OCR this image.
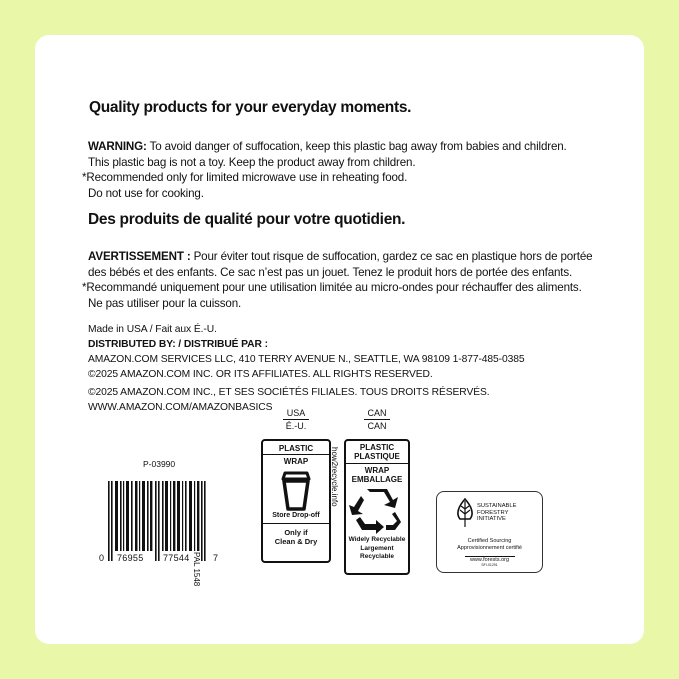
Quality products for your everyday moments.
WARNING: To avoid danger of suffocation, keep this plastic bag away from babies and children.
This plastic bag is not a toy. Keep the product away from children.
*Recommended only for limited microwave use in reheating food.
Do not use for cooking.
Des produits de qualité pour votre quotidien.
AVERTISSEMENT : Pour éviter tout risque de suffocation, gardez ce sac en plastique hors de portée
des bébés et des enfants. Ce sac n’est pas un jouet. Tenez le produit hors de portée des enfants.
*Recommandé uniquement pour une utilisation limitée au micro-ondes pour réchauffer des aliments.
Ne pas utiliser pour la cuisson.
Made in USA / Fait aux É.-U.
DISTRIBUTED BY: / DISTRIBUÉ PAR :
AMAZON.COM SERVICES LLC, 410 TERRY AVENUE N., SEATTLE, WA 98109 1-877-485-0385
©2025 AMAZON.COM INC. OR ITS AFFILIATES. ALL RIGHTS RESERVED.
©2025 AMAZON.COM INC., ET SES SOCIÉTÉS FILIALES. TOUS DROITS RÉSERVÉS.
WWW.AMAZON.COM/AMAZONBASICS
P-03990
0 76955 77544	7
PAL 1548
USA
É.-U.
PLASTIC
WRAP
Store Drop-off
Only if
Clean & Dry
how2recycle.info
CAN
CAN
PLASTIC
PLASTIQUE
WRAP
EMBALLAGE
Widely Recyclable
Largement
Recyclable
SUSTAINABLE
FORESTRY
INITIATIVE
Certified Sourcing
Approvisionnement certifié
www.forests.org
SFI-01291
